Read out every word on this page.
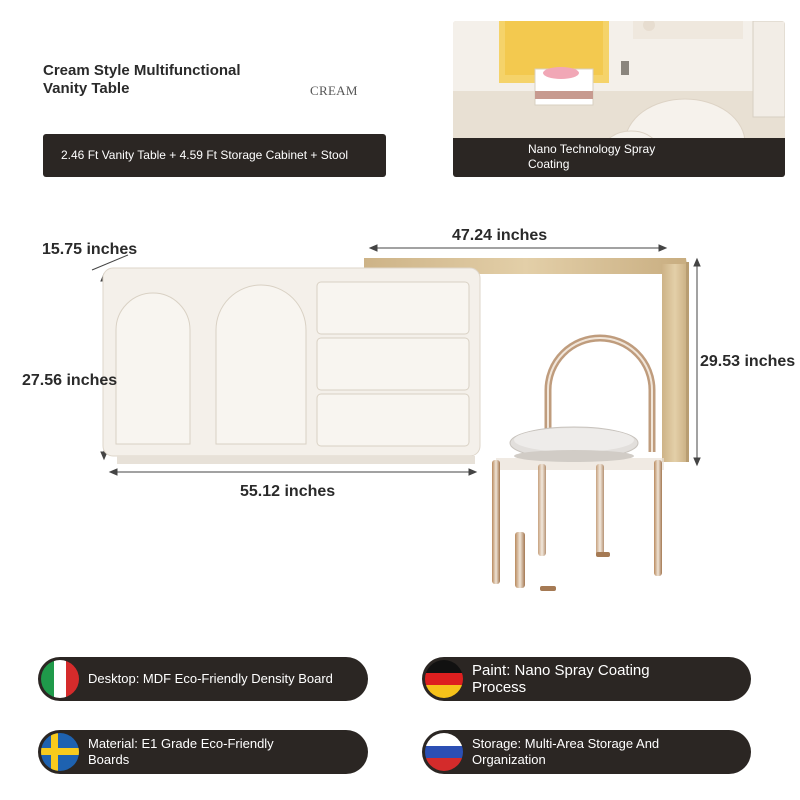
Cream Style Multifunctional
Vanity Table	CREAM
2.46 Ft Vanity Table + 4.59 Ft Storage Cabinet + Stool	Nano Technology Spray
Coating
15.75 inches
47.24 inches
27.56 inches
29.53 inches
55.12 inches
Desktop: MDF Eco-Friendly Density Board	Paint: Nano Spray Coating Process
Material: E1 Grade Eco-Friendly Boards
Storage: Multi-Area Storage And Organization
